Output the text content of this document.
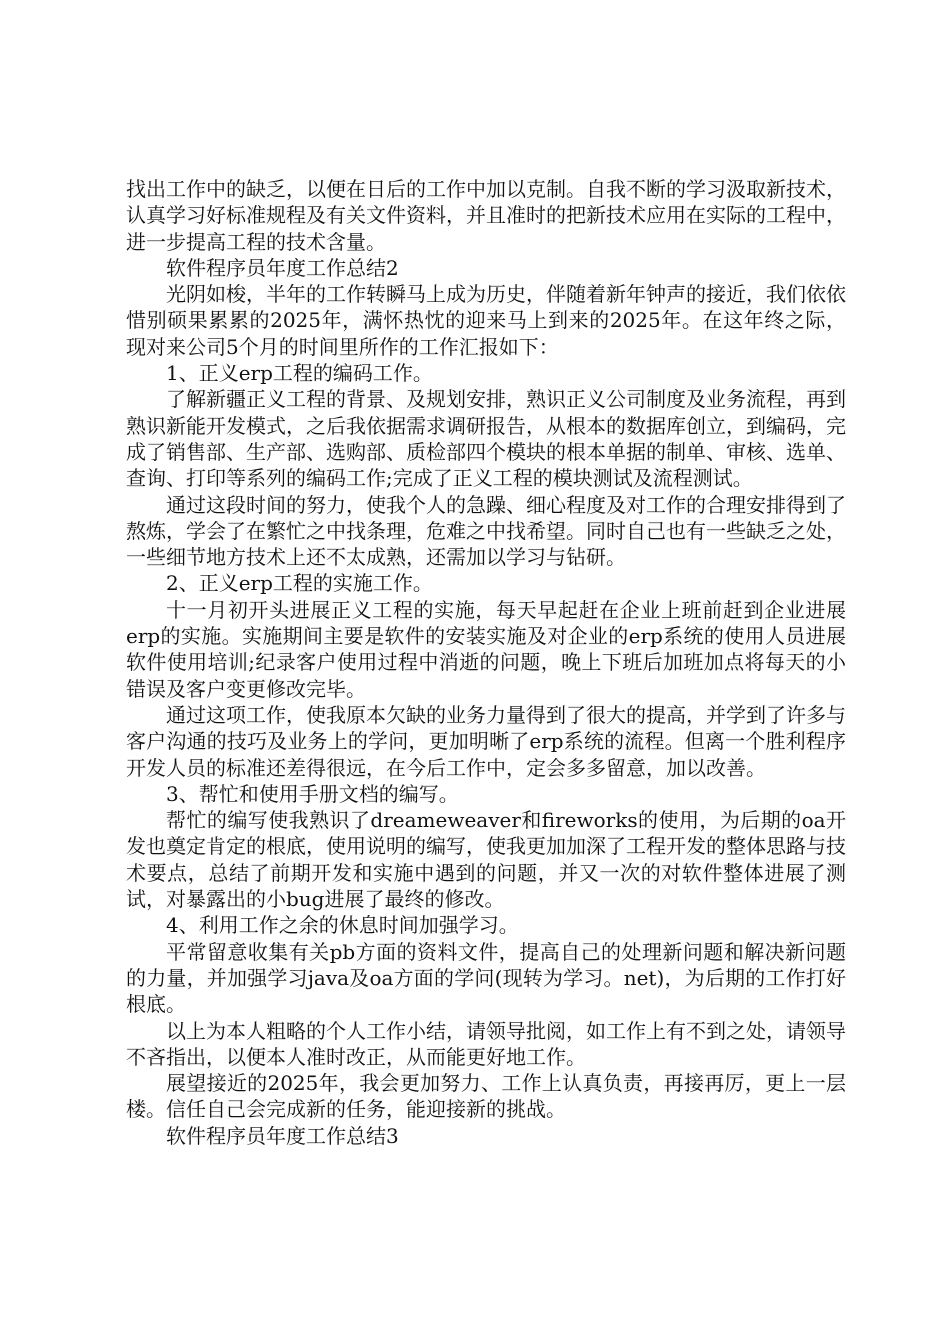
找出工作中的缺乏，以便在日后的工作中加以克制。自我不断的学习汲取新技术，认真学习好标准规程及有关文件资料，并且准时的把新技术应用在实际的工程中，进一步提高工程的技术含量。

软件程序员年度工作总结2

光阴如梭，半年的工作转瞬马上成为历史，伴随着新年钟声的接近，我们依依惜别硕果累累的2025年，满怀热忱的迎来马上到来的2025年。在这年终之际，现对来公司5个月的时间里所作的工作汇报如下：

1、正义erp工程的编码工作。

了解新疆正义工程的背景、及规划安排，熟识正义公司制度及业务流程，再到熟识新能开发模式，之后我依据需求调研报告，从根本的数据库创立，到编码，完成了销售部、生产部、选购部、质检部四个模块的根本单据的制单、审核、选单、查询、打印等系列的编码工作;完成了正义工程的模块测试及流程测试。

通过这段时间的努力，使我个人的急躁、细心程度及对工作的合理安排得到了熬炼，学会了在繁忙之中找条理，危难之中找希望。同时自己也有一些缺乏之处，一些细节地方技术上还不太成熟，还需加以学习与钻研。

2、正义erp工程的实施工作。

十一月初开头进展正义工程的实施，每天早起赶在企业上班前赶到企业进展erp的实施。实施期间主要是软件的安装实施及对企业的erp系统的使用人员进展软件使用培训;纪录客户使用过程中消逝的问题，晚上下班后加班加点将每天的小错误及客户变更修改完毕。

通过这项工作，使我原本欠缺的业务力量得到了很大的提高，并学到了许多与客户沟通的技巧及业务上的学问，更加明晰了erp系统的流程。但离一个胜利程序开发人员的标准还差得很远，在今后工作中，定会多多留意，加以改善。

3、帮忙和使用手册文档的编写。

帮忙的编写使我熟识了dreameweaver和fireworks的使用，为后期的oa开发也奠定肯定的根底，使用说明的编写，使我更加加深了工程开发的整体思路与技术要点，总结了前期开发和实施中遇到的问题，并又一次的对软件整体进展了测试，对暴露出的小bug进展了最终的修改。

4、利用工作之余的休息时间加强学习。

平常留意收集有关pb方面的资料文件，提高自己的处理新问题和解决新问题的力量，并加强学习java及oa方面的学问(现转为学习。net)，为后期的工作打好根底。

以上为本人粗略的个人工作小结，请领导批阅，如工作上有不到之处，请领导不吝指出，以便本人准时改正，从而能更好地工作。

展望接近的2025年，我会更加努力、工作上认真负责，再接再厉，更上一层楼。信任自己会完成新的任务，能迎接新的挑战。

软件程序员年度工作总结3
